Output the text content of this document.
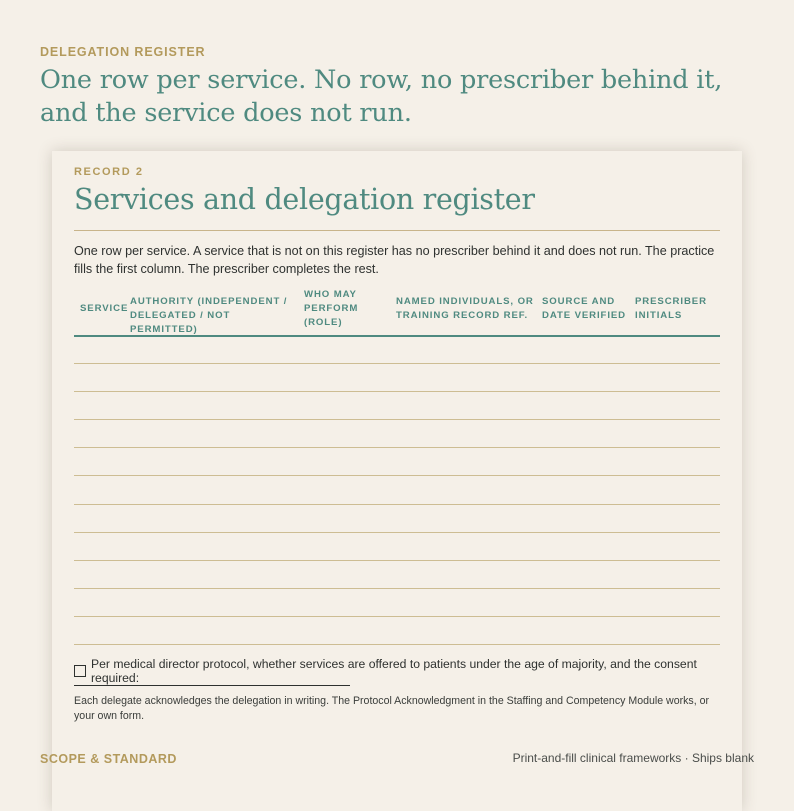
DELEGATION REGISTER
One row per service. No row, no prescriber behind it, and the service does not run.
RECORD 2
Services and delegation register
One row per service. A service that is not on this register has no prescriber behind it and does not run. The practice fills the first column. The prescriber completes the rest.
SERVICE
AUTHORITY (INDEPENDENT / DELEGATED / NOT PERMITTED)
WHO MAY PERFORM (ROLE)
NAMED INDIVIDUALS, OR TRAINING RECORD REF.
SOURCE AND DATE VERIFIED
PRESCRIBER INITIALS
Per medical director protocol, whether services are offered to patients under the age of majority, and the consent required:
Each delegate acknowledges the delegation in writing. The Protocol Acknowledgment in the Staffing and Competency Module works, or your own form.
SCOPE & STANDARD	Print-and-fill clinical frameworks · Ships blank
